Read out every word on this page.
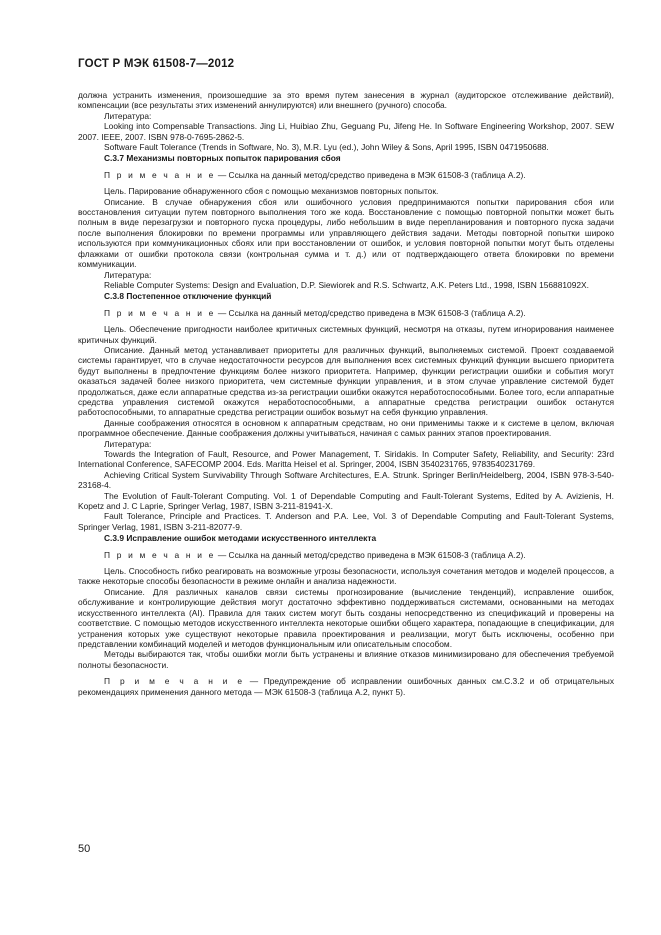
ГОСТ Р МЭК 61508-7—2012

должна устранить изменения, произошедшие за это время путем занесения в журнал (аудиторское отслеживание действий), компенсации (все результаты этих изменений аннулируются) или внешнего (ручного) способа.

Литература:

Looking into Compensable Transactions. Jing Li, Huibiao Zhu, Geguang Pu, Jifeng He. In Software Engineering Workshop, 2007. SEW 2007. IEEE, 2007. ISBN 978-0-7695-2862-5.

Software Fault Tolerance (Trends in Software, No. 3), M.R. Lyu (ed.), John Wiley & Sons, April 1995, ISBN 0471950688.

С.3.7 Механизмы повторных попыток парирования сбоя

П р и м е ч а н и е — Ссылка на данный метод/средство приведена в МЭК 61508-3 (таблица А.2).

Цель. Парирование обнаруженного сбоя с помощью механизмов повторных попыток.

Описание. В случае обнаружения сбоя или ошибочного условия предпринимаются попытки парирования сбоя или восстановления ситуации путем повторного выполнения того же кода. Восстановление с помощью повторной попытки может быть полным в виде перезагрузки и повторного пуска процедуры, либо небольшим в виде перепланирования и повторного пуска задачи после выполнения блокировки по времени программы или управляющего действия задачи. Методы повторной попытки широко используются при коммуникационных сбоях или при восстановлении от ошибок, и условия повторной попытки могут быть отделены флажками от ошибки протокола связи (контрольная сумма и т. д.) или от подтверждающего ответа блокировки по времени коммуникации.

Литература:

Reliable Computer Systems: Design and Evaluation, D.P. Siewiorek and R.S. Schwartz, A.K. Peters Ltd., 1998, ISBN 156881092X.

С.3.8 Постепенное отключение функций

П р и м е ч а н и е — Ссылка на данный метод/средство приведена в МЭК 61508-3 (таблица А.2).

Цель. Обеспечение пригодности наиболее критичных системных функций, несмотря на отказы, путем игнорирования наименее критичных функций.

Описание. Данный метод устанавливает приоритеты для различных функций, выполняемых системой. Проект создаваемой системы гарантирует, что в случае недостаточности ресурсов для выполнения всех системных функций функции высшего приоритета будут выполнены в предпочтение функциям более низкого приоритета. Например, функции регистрации ошибки и события могут оказаться задачей более низкого приоритета, чем системные функции управления, и в этом случае управление системой будет продолжаться, даже если аппаратные средства из-за регистрации ошибки окажутся неработоспособными. Более того, если аппаратные средства управления системой окажутся неработоспособными, а аппаратные средства регистрации ошибок останутся работоспособными, то аппаратные средства регистрации ошибок возьмут на себя функцию управления.

Данные соображения относятся в основном к аппаратным средствам, но они применимы также и к системе в целом, включая программное обеспечение. Данные соображения должны учитываться, начиная с самых ранних этапов проектирования.

Литература:

Towards the Integration of Fault, Resource, and Power Management, T. Siridakis. In Computer Safety, Reliability, and Security: 23rd International Conference, SAFECOMP 2004. Eds. Maritta Heisel et al. Springer, 2004, ISBN 3540231765, 9783540231769.

Achieving Critical System Survivability Through Software Architectures, E.A. Strunk. Springer Berlin/Heidelberg, 2004, ISBN 978-3-540-23168-4.

The Evolution of Fault-Tolerant Computing. Vol. 1 of Dependable Computing and Fault-Tolerant Systems, Edited by A. Avizienis, H. Kopetz and J. C Laprie, Springer Verlag, 1987, ISBN 3-211-81941-X.

Fault Tolerance, Principle and Practices. T. Anderson and P.A. Lee, Vol. 3 of Dependable Computing and Fault-Tolerant Systems, Springer Verlag, 1981, ISBN 3-211-82077-9.

С.3.9 Исправление ошибок методами искусственного интеллекта

П р и м е ч а н и е — Ссылка на данный метод/средство приведена в МЭК 61508-3 (таблица А.2).

Цель. Способность гибко реагировать на возможные угрозы безопасности, используя сочетания методов и моделей процессов, а также некоторые способы безопасности в режиме онлайн и анализа надежности.

Описание. Для различных каналов связи системы прогнозирование (вычисление тенденций), исправление ошибок, обслуживание и контролирующие действия могут достаточно эффективно поддерживаться системами, основанными на методах искусственного интеллекта (AI). Правила для таких систем могут быть созданы непосредственно из спецификаций и проверены на соответствие. С помощью методов искусственного интеллекта некоторые ошибки общего характера, попадающие в спецификации, для устранения которых уже существуют некоторые правила проектирования и реализации, могут быть исключены, особенно при представлении комбинаций моделей и методов функциональным или описательным способом.

Методы выбираются так, чтобы ошибки могли быть устранены и влияние отказов минимизировано для обеспечения требуемой полноты безопасности.

П р и м е ч а н и е — Предупреждение об исправлении ошибочных данных см.С.3.2 и об отрицательных рекомендациях применения данного метода — МЭК 61508-3 (таблица А.2, пункт 5).

50
